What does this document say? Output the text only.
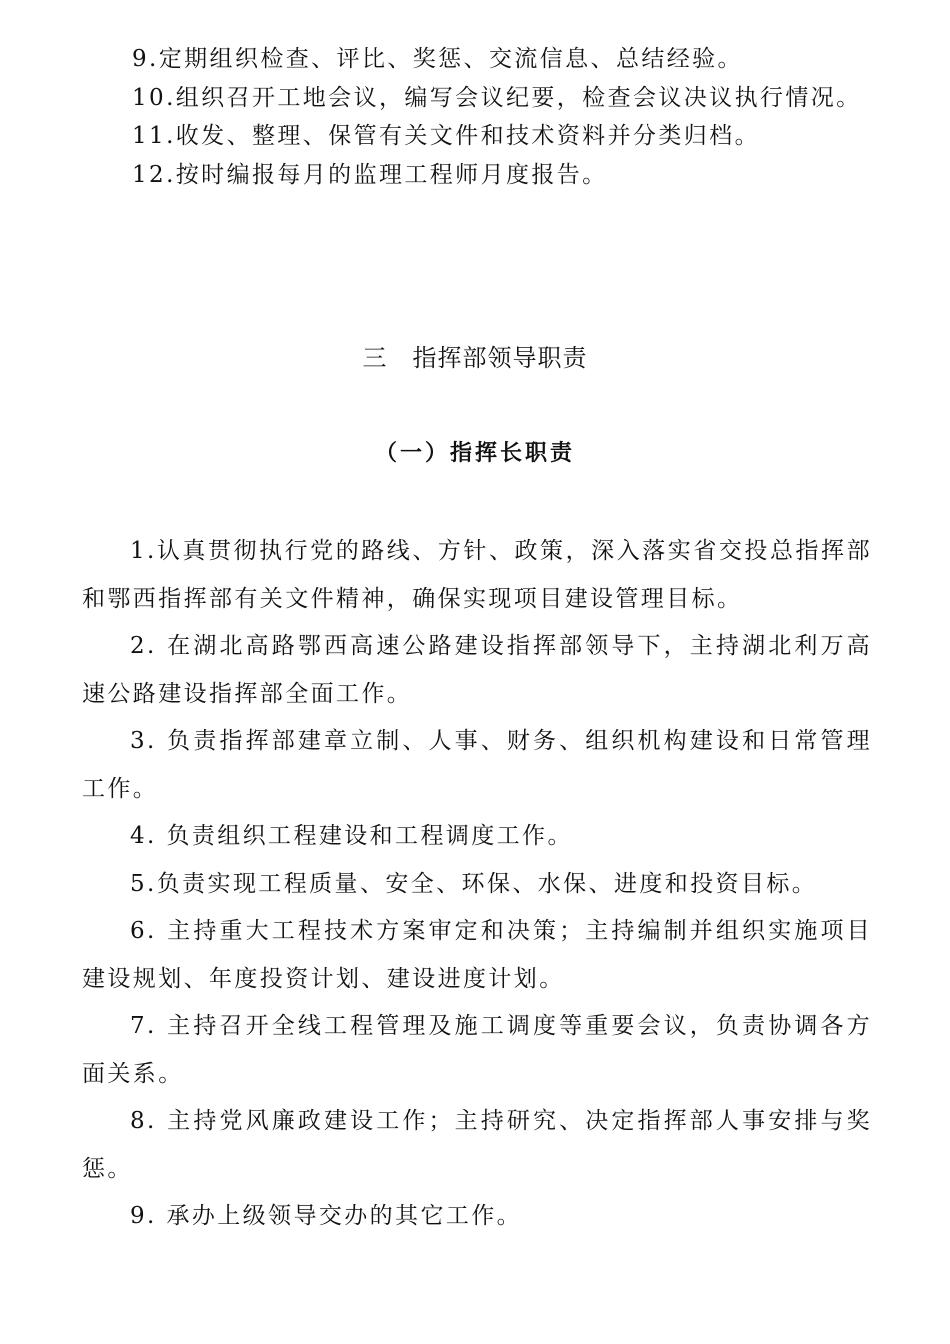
9.定期组织检查、评比、奖惩、交流信息、总结经验。
10.组织召开工地会议，编写会议纪要，检查会议决议执行情况。
11.收发、整理、保管有关文件和技术资料并分类归档。
12.按时编报每月的监理工程师月度报告。
三　指挥部领导职责
（一）指挥长职责

1.认真贯彻执行党的路线、方针、政策，深入落实省交投总指挥部和鄂西指挥部有关文件精神，确保实现项目建设管理目标。

2. 在湖北高路鄂西高速公路建设指挥部领导下，主持湖北利万高速公路建设指挥部全面工作。

3. 负责指挥部建章立制、人事、财务、组织机构建设和日常管理工作。

4. 负责组织工程建设和工程调度工作。

5.负责实现工程质量、安全、环保、水保、进度和投资目标。

6. 主持重大工程技术方案审定和决策；主持编制并组织实施项目建设规划、年度投资计划、建设进度计划。

7. 主持召开全线工程管理及施工调度等重要会议，负责协调各方面关系。

8. 主持党风廉政建设工作；主持研究、决定指挥部人事安排与奖惩。

9. 承办上级领导交办的其它工作。
